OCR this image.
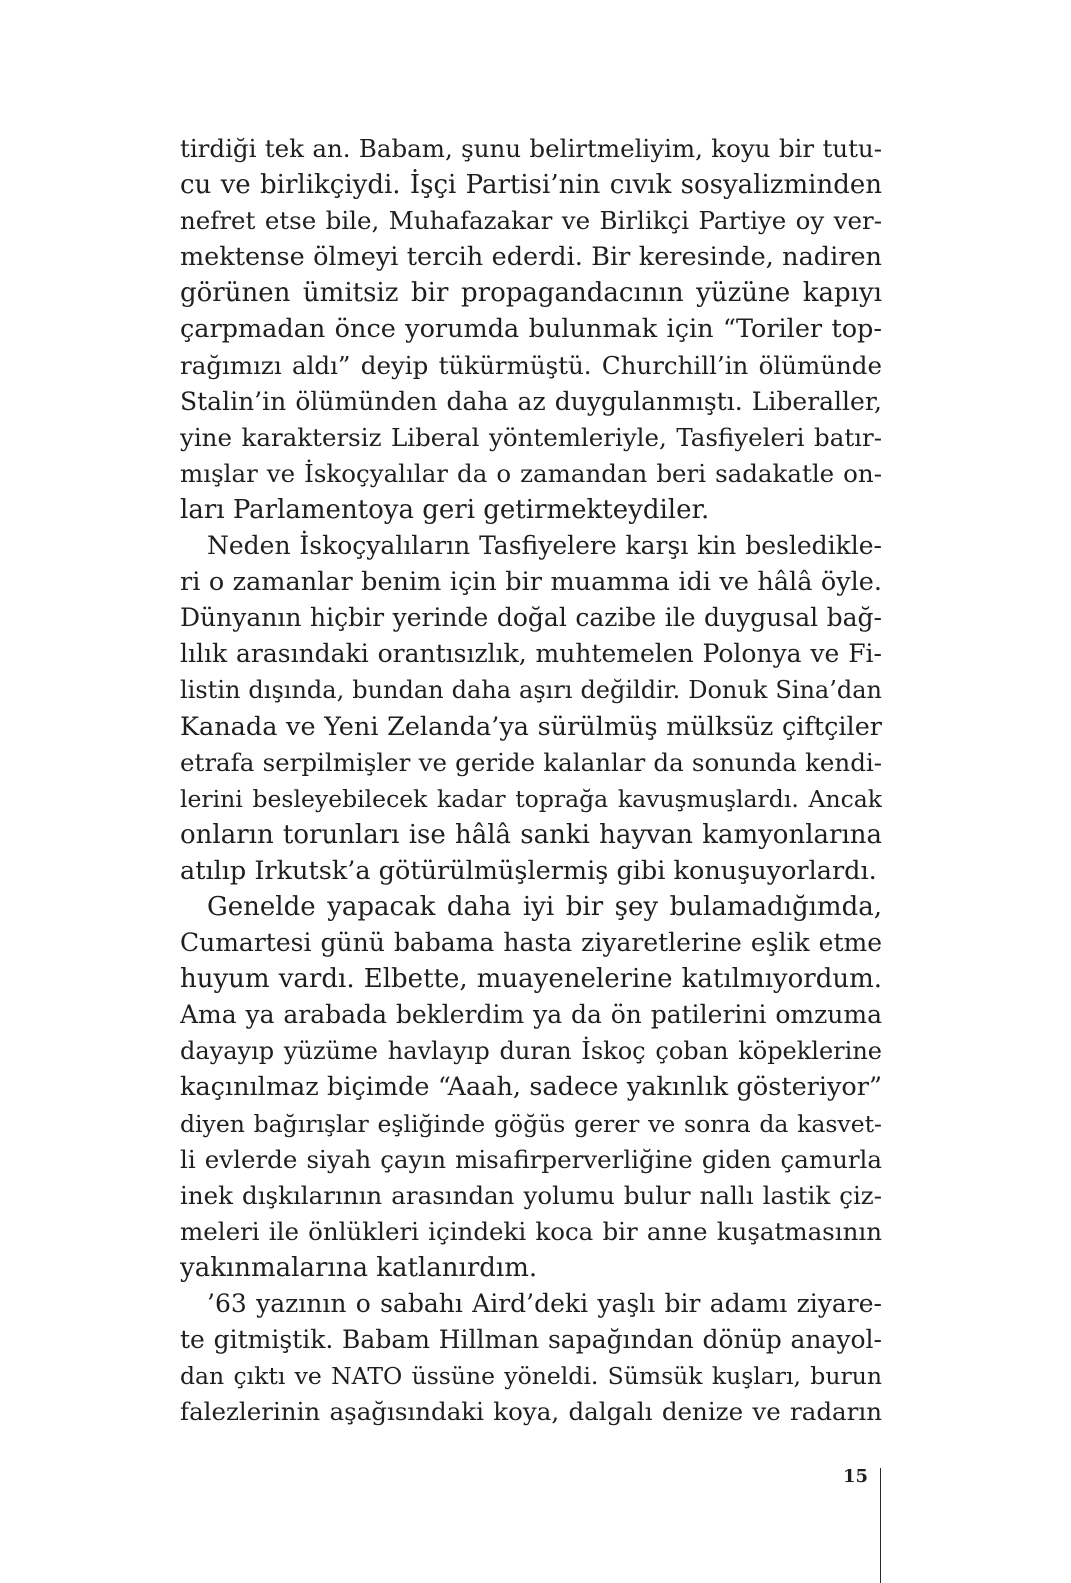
tirdiği tek an. Babam, şunu belirtmeliyim, koyu bir tutu-
cu ve birlikçiydi. İşçi Partisi’nin cıvık sosyalizminden
nefret etse bile, Muhafazakar ve Birlikçi Partiye oy ver-
mektense ölmeyi tercih ederdi. Bir keresinde, nadiren
görünen ümitsiz bir propagandacının yüzüne kapıyı
çarpmadan önce yorumda bulunmak için “Toriler top-
rağımızı aldı” deyip tükürmüştü. Churchill’in ölümünde
Stalin’in ölümünden daha az duygulanmıştı. Liberaller,
yine karaktersiz Liberal yöntemleriyle, Tasfiyeleri batır-
mışlar ve İskoçyalılar da o zamandan beri sadakatle on-
ları Parlamentoya geri getirmekteydiler.
Neden İskoçyalıların Tasfiyelere karşı kin besledikle-
ri o zamanlar benim için bir muamma idi ve hâlâ öyle.
Dünyanın hiçbir yerinde doğal cazibe ile duygusal bağ-
lılık arasındaki orantısızlık, muhtemelen Polonya ve Fi-
listin dışında, bundan daha aşırı değildir. Donuk Sina’dan
Kanada ve Yeni Zelanda’ya sürülmüş mülksüz çiftçiler
etrafa serpilmişler ve geride kalanlar da sonunda kendi-
lerini besleyebilecek kadar toprağa kavuşmuşlardı. Ancak
onların torunları ise hâlâ sanki hayvan kamyonlarına
atılıp Irkutsk’a götürülmüşlermiş gibi konuşuyorlardı.
Genelde yapacak daha iyi bir şey bulamadığımda,
Cumartesi günü babama hasta ziyaretlerine eşlik etme
huyum vardı. Elbette, muayenelerine katılmıyordum.
Ama ya arabada beklerdim ya da ön patilerini omzuma
dayayıp yüzüme havlayıp duran İskoç çoban köpeklerine
kaçınılmaz biçimde “Aaah, sadece yakınlık gösteriyor”
diyen bağırışlar eşliğinde göğüs gerer ve sonra da kasvet-
li evlerde siyah çayın misafirperverliğine giden çamurla
inek dışkılarının arasından yolumu bulur nallı lastik çiz-
meleri ile önlükleri içindeki koca bir anne kuşatmasının
yakınmalarına katlanırdım.
’63 yazının o sabahı Aird’deki yaşlı bir adamı ziyare-
te gitmiştik. Babam Hillman sapağından dönüp anayol-
dan çıktı ve NATO üssüne yöneldi. Sümsük kuşları, burun
falezlerinin aşağısındaki koya, dalgalı denize ve radarın
15
